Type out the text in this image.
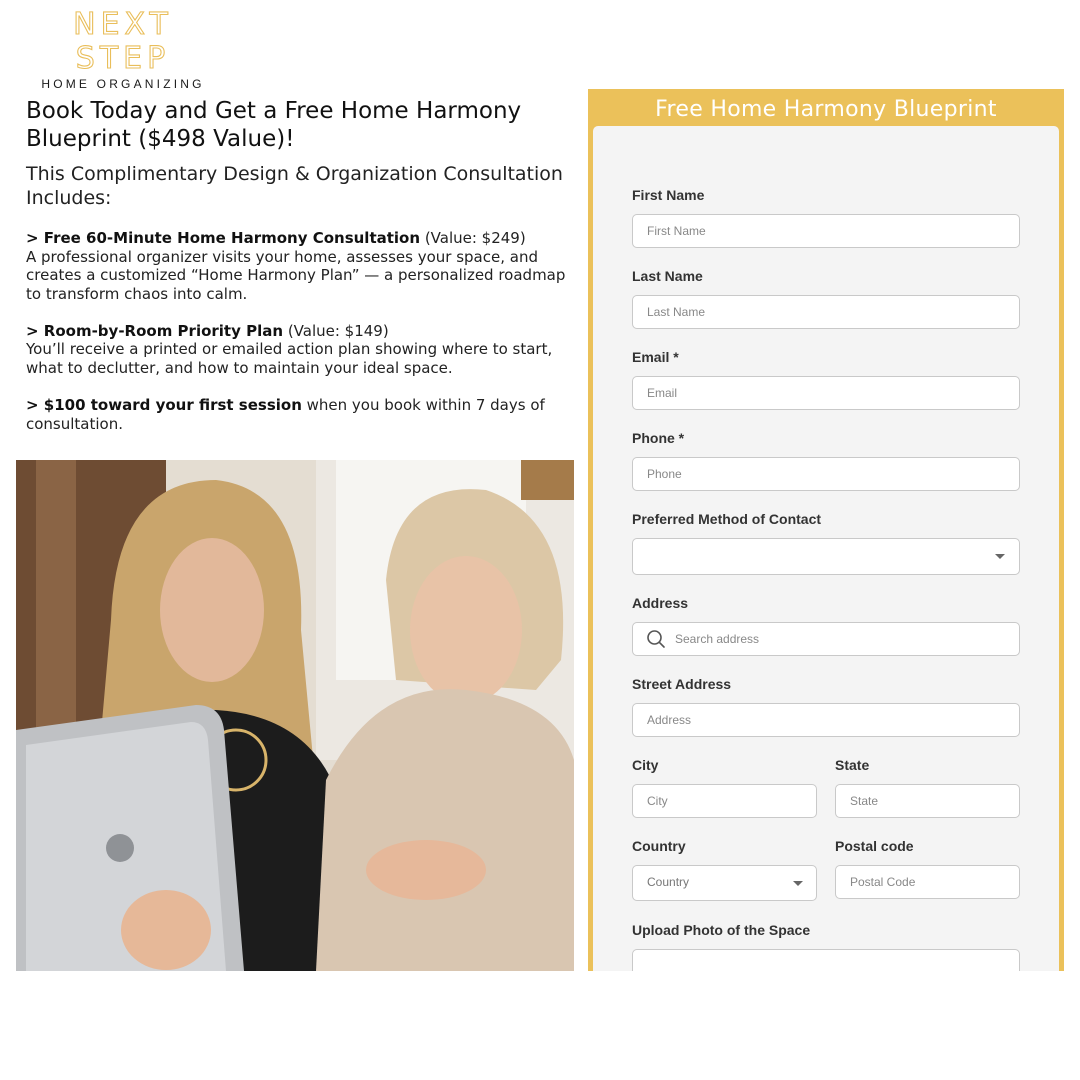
NEXT STEP
HOME ORGANIZING
Book Today and Get a Free Home Harmony Blueprint ($498 Value)!

This Complimentary Design & Organization Consultation Includes:

> Free 60-Minute Home Harmony Consultation (Value: $249)
A professional organizer visits your home, assesses your space, and creates a customized “Home Harmony Plan” — a personalized roadmap to transform chaos into calm.
> Room-by-Room Priority Plan (Value: $149)
You’ll receive a printed or emailed action plan showing where to start, what to declutter, and how to maintain your ideal space.
> $100 toward your first session when you book within 7 days of consultation.
Free Home Harmony Blueprint
First Name
First Name
Last Name
Last Name
Email *
Email
Phone *
Phone
Preferred Method of Contact
Address
Search address
Street Address
Address
City
City	State
State
Country
Country
Postal code
Postal Code
Upload Photo of the Space
